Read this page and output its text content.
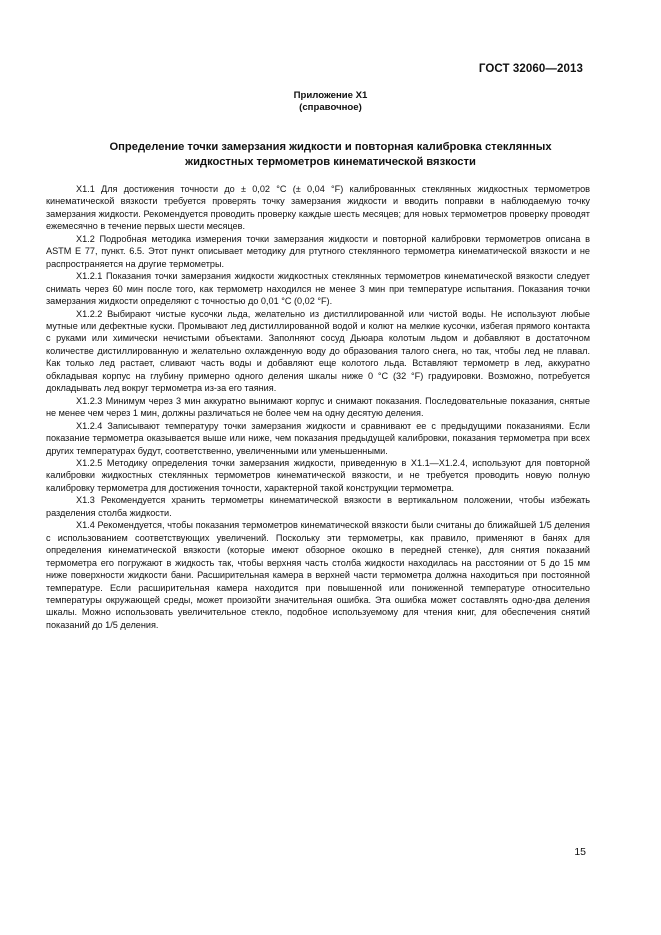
ГОСТ 32060—2013
Приложение X1
(справочное)
Определение точки замерзания жидкости и повторная калибровка стеклянных
жидкостных термометров кинематической вязкости

X1.1 Для достижения точности до ± 0,02 °С (± 0,04 °F) калиброванных стеклянных жидкостных термометров кинематической вязкости требуется проверять точку замерзания жидкости и вводить поправки в наблюдаемую точку замерзания жидкости. Рекомендуется проводить проверку каждые шесть месяцев; для новых термометров проверку проводят ежемесячно в течение первых шести месяцев.

X1.2 Подробная методика измерения точки замерзания жидкости и повторной калибровки термометров описана в ASTM E 77, пункт. 6.5. Этот пункт описывает методику для ртутного стеклянного термометра кинематической вязкости и не распространяется на другие термометры.

X1.2.1 Показания точки замерзания жидкости жидкостных стеклянных термометров кинематической вязкости следует снимать через 60 мин после того, как термометр находился не менее 3 мин при температуре испытания. Показания точки замерзания жидкости определяют с точностью до 0,01 °С (0,02 °F).

X1.2.2 Выбирают чистые кусочки льда, желательно из дистиллированной или чистой воды. Не используют любые мутные или дефектные куски. Промывают лед дистиллированной водой и колют на мелкие кусочки, избегая прямого контакта с руками или химически нечистыми объектами. Заполняют сосуд Дьюара колотым льдом и добавляют в достаточном количестве дистиллированную и желательно охлажденную воду до образования талого снега, но так, чтобы лед не плавал. Как только лед растает, сливают часть воды и добавляют еще колотого льда. Вставляют термометр в лед, аккуратно обкладывая корпус на глубину примерно одного деления шкалы ниже 0 °С (32 °F) градуировки. Возможно, потребуется докладывать лед вокруг термометра из-за его таяния.

X1.2.3 Минимум через 3 мин аккуратно вынимают корпус и снимают показания. Последовательные показания, снятые не менее чем через 1 мин, должны различаться не более чем на одну десятую деления.

X1.2.4 Записывают температуру точки замерзания жидкости и сравнивают ее с предыдущими показаниями. Если показание термометра оказывается выше или ниже, чем показания предыдущей калибровки, показания термометра при всех других температурах будут, соответственно, увеличенными или уменьшенными.

X1.2.5 Методику определения точки замерзания жидкости, приведенную в X1.1—X1.2.4, используют для повторной калибровки жидкостных стеклянных термометров кинематической вязкости, и не требуется проводить новую полную калибровку термометра для достижения точности, характерной такой конструкции термометра.

X1.3 Рекомендуется хранить термометры кинематической вязкости в вертикальном положении, чтобы избежать разделения столба жидкости.

X1.4 Рекомендуется, чтобы показания термометров кинематической вязкости были считаны до ближайшей 1/5 деления с использованием соответствующих увеличений. Поскольку эти термометры, как правило, применяют в банях для определения кинематической вязкости (которые имеют обзорное окошко в передней стенке), для снятия показаний термометра его погружают в жидкость так, чтобы верхняя часть столба жидкости находилась на расстоянии от 5 до 15 мм ниже поверхности жидкости бани. Расширительная камера в верхней части термометра должна находиться при постоянной температуре. Если расширительная камера находится при повышенной или пониженной температуре относительно температуры окружающей среды, может произойти значительная ошибка. Эта ошибка может составлять одно-два деления шкалы. Можно использовать увеличительное стекло, подобное используемому для чтения книг, для обеспечения снятий показаний до 1/5 деления.

15
